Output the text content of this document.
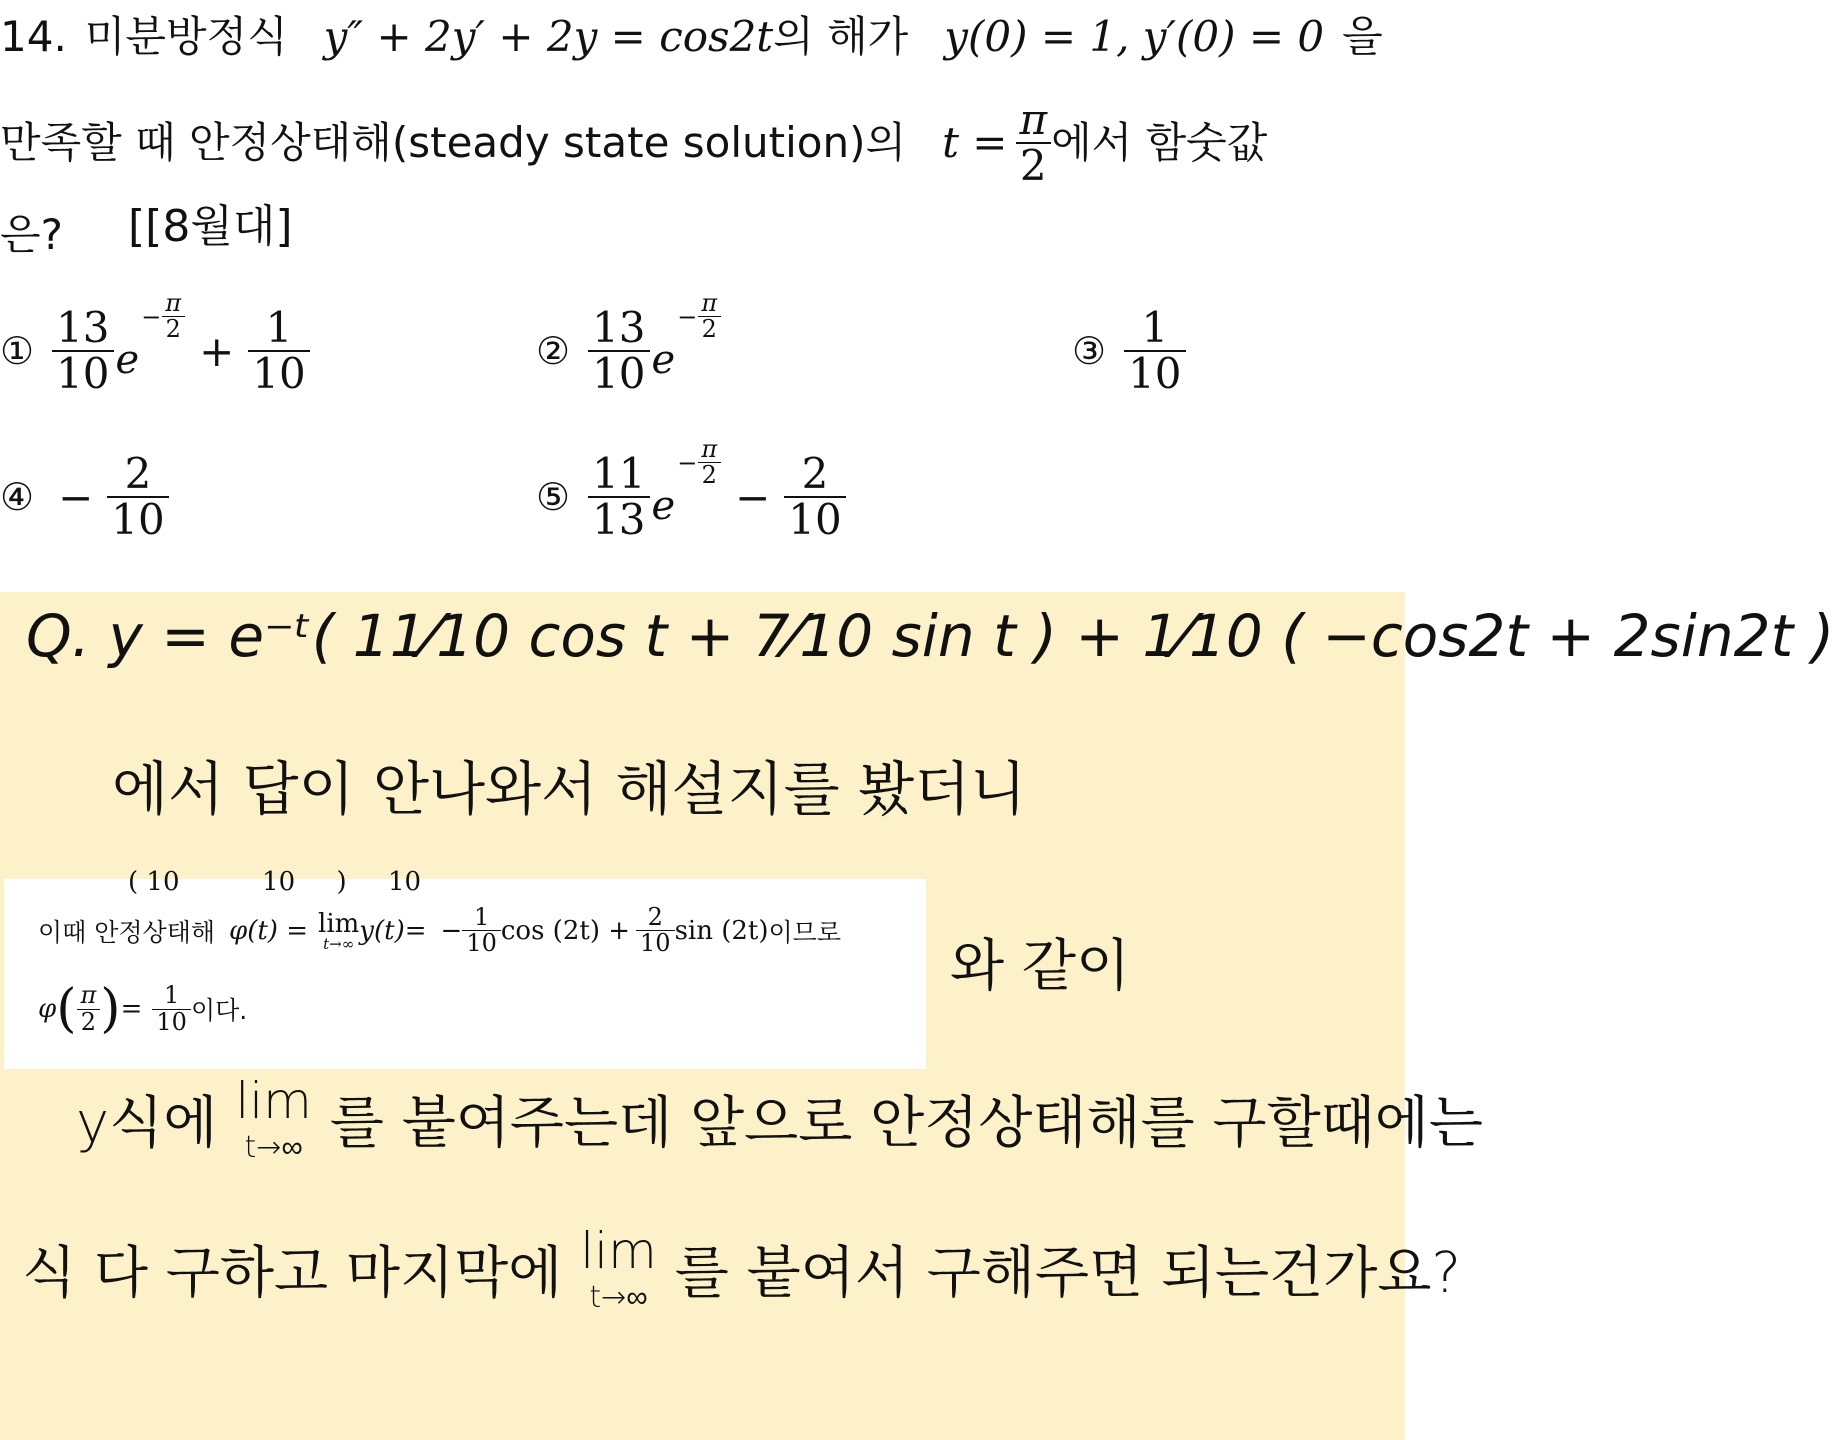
14. 미분방정식 y″ + 2y′ + 2y = cos2t의 해가 y(0) = 1, y′(0) = 0 을
만족할 때 안정상태해(steady state solution)의 $t = \frac{\pi}{2}$ 에서 함숫값
은? [[8월대]
① $\frac{13}{10}$ e
− $\frac{\pi}{2}$
+ $\frac{1}{10}$	② $\frac{13}{10}$ e
− $\frac{\pi}{2}$
③ $\frac{1}{10}$
④ − $\frac{2}{10}$	⑤ $\frac{11}{13}$ e
− $\frac{\pi}{2}$
− $\frac{2}{10}$
Q. y = e⁻ᵗ( 11⁄10 cos t + 7⁄10 sin t ) + 1⁄10 ( −cos2t + 2sin2t )
에서 답이 안나와서 해설지를 봤더니
와 같이
y식에 lim
t→∞ 를 붙여주는데 앞으로 안정상태해를 구할때에는
식 다 구하고 마지막에 lim
t→∞ 를 붙여서 구해주면 되는건가요?
( 10          10     )     10
이때 안정상태해 φ(t) = lim
t→∞ $y(t)= - \frac{1}{10}$ $\cos (2t) + \frac{2}{10}$ sin (2t) 이므로
φ ( $\frac{\pi}{2}$ ) = $\frac{1}{10}$ 이다.
